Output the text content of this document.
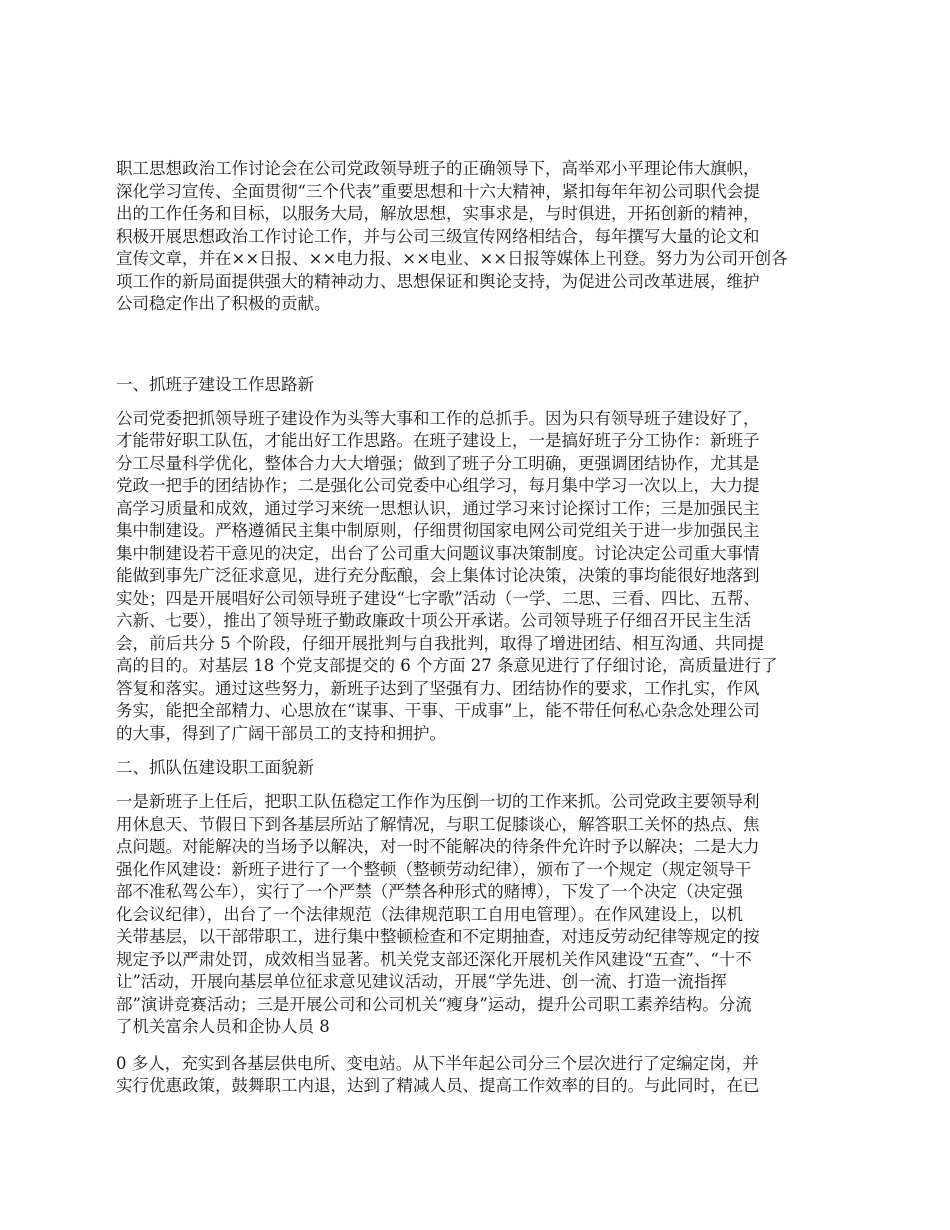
职工思想政治工作讨论会在公司党政领导班子的正确领导下，高举邓小平理论伟大旗帜，
深化学习宣传、全面贯彻“三个代表”重要思想和十六大精神，紧扣每年年初公司职代会提
出的工作任务和目标，以服务大局，解放思想，实事求是，与时俱进，开拓创新的精神，
积极开展思想政治工作讨论工作，并与公司三级宣传网络相结合，每年撰写大量的论文和
宣传文章，并在××日报、××电力报、××电业、××日报等媒体上刊登。努力为公司开创各
项工作的新局面提供强大的精神动力、思想保证和舆论支持，为促进公司改革进展，维护
公司稳定作出了积极的贡献。

一、抓班子建设工作思路新

公司党委把抓领导班子建设作为头等大事和工作的总抓手。因为只有领导班子建设好了，
才能带好职工队伍，才能出好工作思路。在班子建设上，一是搞好班子分工协作：新班子
分工尽量科学优化，整体合力大大增强；做到了班子分工明确，更强调团结协作，尤其是
党政一把手的团结协作；二是强化公司党委中心组学习，每月集中学习一次以上，大力提
高学习质量和成效，通过学习来统一思想认识，通过学习来讨论探讨工作；三是加强民主
集中制建设。严格遵循民主集中制原则，仔细贯彻国家电网公司党组关于进一步加强民主
集中制建设若干意见的决定，出台了公司重大问题议事决策制度。讨论决定公司重大事情
能做到事先广泛征求意见，进行充分酝酿，会上集体讨论决策，决策的事均能很好地落到
实处；四是开展唱好公司领导班子建设“七字歌”活动（一学、二思、三看、四比、五帮、
六新、七要），推出了领导班子勤政廉政十项公开承诺。公司领导班子仔细召开民主生活
会，前后共分 5 个阶段，仔细开展批判与自我批判，取得了增进团结、相互沟通、共同提
高的目的。对基层 18 个党支部提交的 6 个方面 27 条意见进行了仔细讨论，高质量进行了
答复和落实。通过这些努力，新班子达到了坚强有力、团结协作的要求，工作扎实，作风
务实，能把全部精力、心思放在“谋事、干事、干成事”上，能不带任何私心杂念处理公司
的大事，得到了广阔干部员工的支持和拥护。

二、抓队伍建设职工面貌新

一是新班子上任后，把职工队伍稳定工作作为压倒一切的工作来抓。公司党政主要领导利
用休息天、节假日下到各基层所站了解情况，与职工促膝谈心，解答职工关怀的热点、焦
点问题。对能解决的当场予以解决，对一时不能解决的待条件允许时予以解决；二是大力
强化作风建设：新班子进行了一个整顿（整顿劳动纪律），颁布了一个规定（规定领导干
部不准私驾公车），实行了一个严禁（严禁各种形式的赌博），下发了一个决定（决定强
化会议纪律），出台了一个法律规范（法律规范职工自用电管理）。在作风建设上，以机
关带基层，以干部带职工，进行集中整顿检查和不定期抽查，对违反劳动纪律等规定的按
规定予以严肃处罚，成效相当显著。机关党支部还深化开展机关作风建设“五查”、“十不
让”活动，开展向基层单位征求意见建议活动，开展“学先进、创一流、打造一流指挥
部”演讲竞赛活动；三是开展公司和公司机关“瘦身”运动，提升公司职工素养结构。分流
了机关富余人员和企协人员 8

0 多人，充实到各基层供电所、变电站。从下半年起公司分三个层次进行了定编定岗，并
实行优惠政策，鼓舞职工内退，达到了精减人员、提高工作效率的目的。与此同时，在已
